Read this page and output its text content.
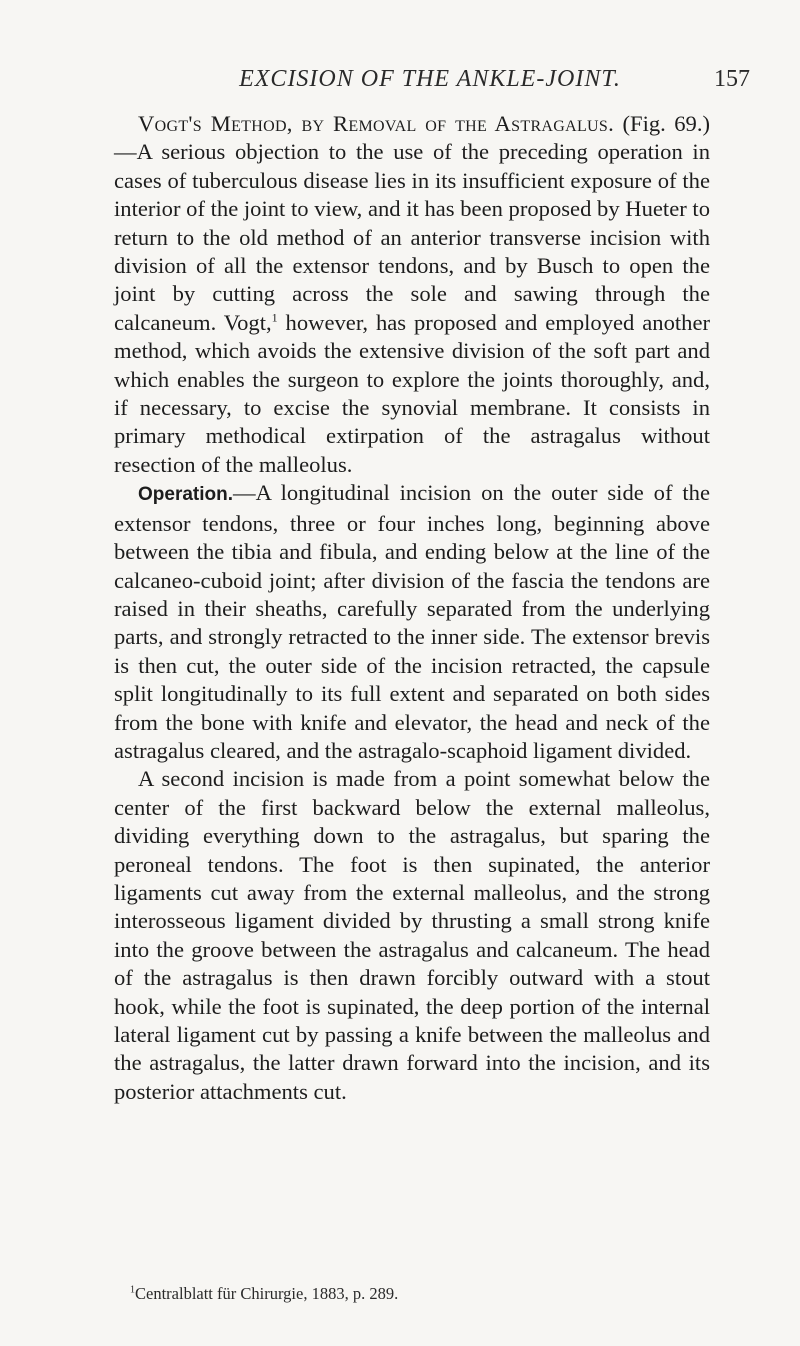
EXCISION OF THE ANKLE-JOINT.	157

Vogt's Method, by Removal of the Astragalus. (Fig. 69.)—A serious objection to the use of the preceding operation in cases of tuberculous disease lies in its insufficient exposure of the interior of the joint to view, and it has been proposed by Hueter to return to the old method of an anterior transverse incision with division of all the extensor tendons, and by Busch to open the joint by cutting across the sole and sawing through the calcaneum. Vogt,$^1$ however, has proposed and employed another method, which avoids the extensive division of the soft part and which enables the surgeon to explore the joints thoroughly, and, if necessary, to excise the synovial membrane. It consists in primary methodical extirpation of the astragalus without resection of the malleolus.

Operation.—A longitudinal incision on the outer side of the extensor tendons, three or four inches long, beginning above between the tibia and fibula, and ending below at the line of the calcaneo-cuboid joint; after division of the fascia the tendons are raised in their sheaths, carefully separated from the underlying parts, and strongly retracted to the inner side. The extensor brevis is then cut, the outer side of the incision retracted, the capsule split longitudinally to its full extent and separated on both sides from the bone with knife and elevator, the head and neck of the astragalus cleared, and the astragalo-scaphoid ligament divided.

A second incision is made from a point somewhat below the center of the first backward below the external malleolus, dividing everything down to the astragalus, but sparing the peroneal tendons. The foot is then supinated, the anterior ligaments cut away from the external malleolus, and the strong interosseous ligament divided by thrusting a small strong knife into the groove between the astragalus and calcaneum. The head of the astragalus is then drawn forcibly outward with a stout hook, while the foot is supinated, the deep portion of the internal lateral ligament cut by passing a knife between the malleolus and the astragalus, the latter drawn forward into the incision, and its posterior attachments cut.

$^1$Centralblatt für Chirurgie, 1883, p. 289.
